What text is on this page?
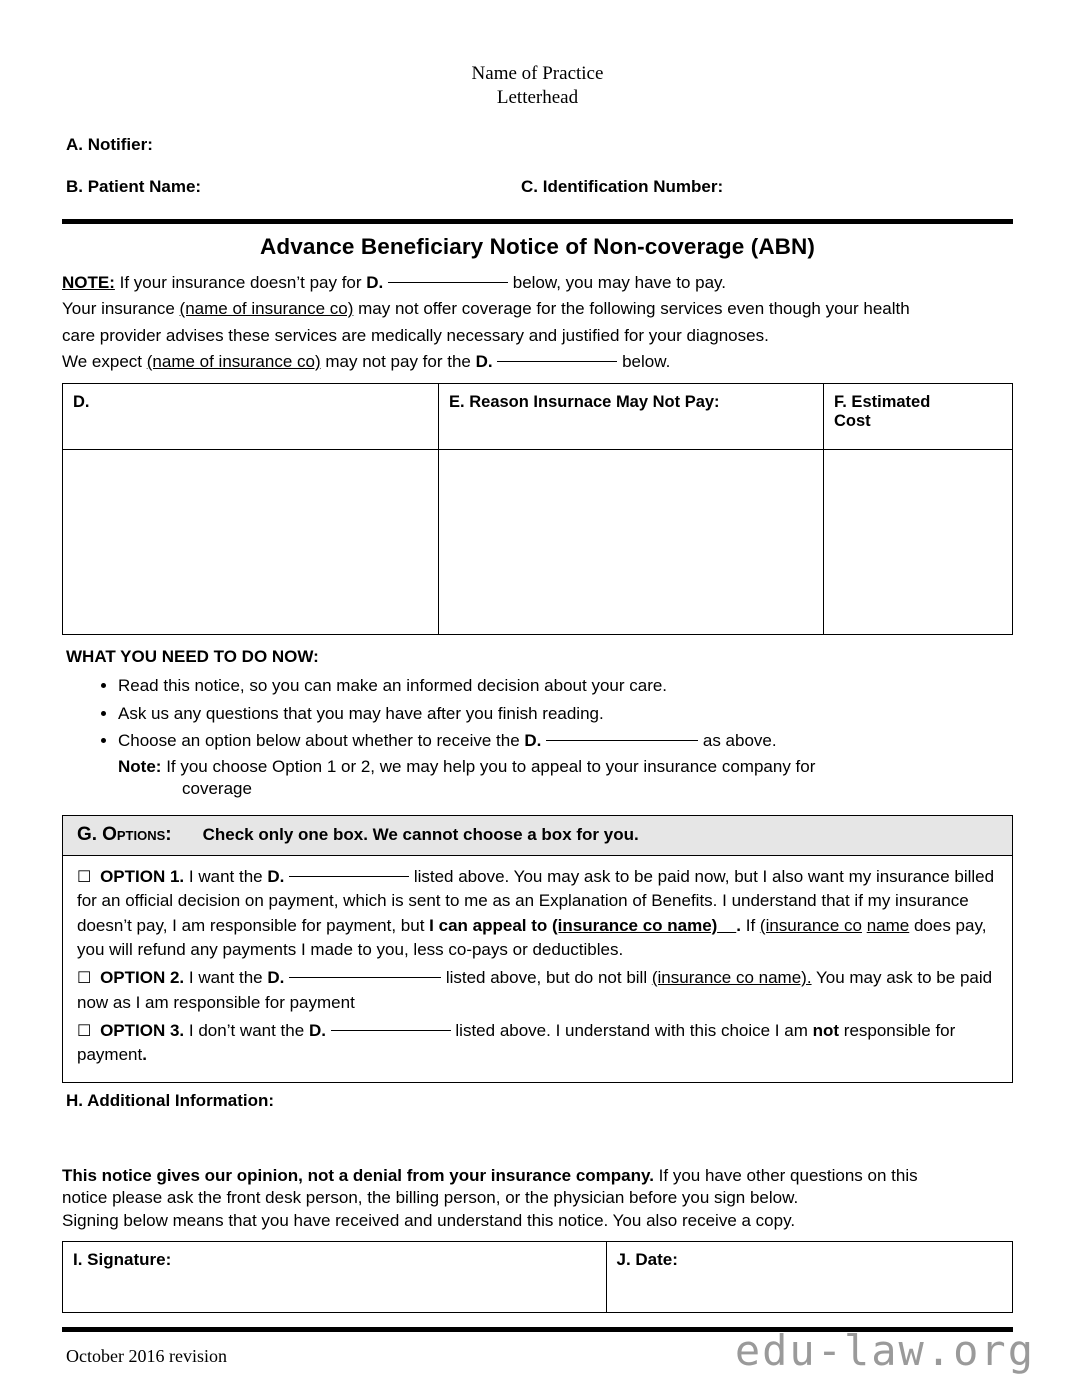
Name of Practice
Letterhead
A. Notifier:
B. Patient Name:	C. Identification Number:
Advance Beneficiary Notice of Non-coverage (ABN)

NOTE: If your insurance doesn’t pay for D.	below, you may have to pay.

Your insurance (name of insurance co) may not offer coverage for the following services even though your health

care provider advises these services are medically necessary and justified for your diagnoses.

We expect (name of insurance co) may not pay for the D.	below.

D.	E. Reason Insurnace May Not Pay:	F. Estimated
Cost

WHAT YOU NEED TO DO NOW:
• Read this notice, so you can make an informed decision about your care.
• Ask us any questions that you may have after you finish reading.
• Choose an option below about whether to receive the D.	as above.
Note: If you choose Option 1 or 2, we may help you to appeal to your insurance company for
coverage
G. Options: Check only one box. We cannot choose a box for you.

☐ OPTION 1. I want the D.	listed above. You may ask to be paid now, but I also want my insurance billed for an official decision on payment, which is sent to me as an Explanation of Benefits. I understand that if my insurance doesn’t pay, I am responsible for payment, but I can appeal to (insurance co name) . If (insurance co name does pay, you will refund any payments I made to you, less co-pays or deductibles.

☐ OPTION 2. I want the D.	listed above, but do not bill (insurance co name). You may ask to be paid now as I am responsible for payment

☐ OPTION 3. I don’t want the D.	listed above. I understand with this choice I am not responsible for payment.

H. Additional Information:

This notice gives our opinion, not a denial from your insurance company. If you have other questions on this

notice please ask the front desk person, the billing person, or the physician before you sign below.

Signing below means that you have received and understand this notice. You also receive a copy.

I. Signature:	J. Date:
October 2016 revision	edu-law.org
